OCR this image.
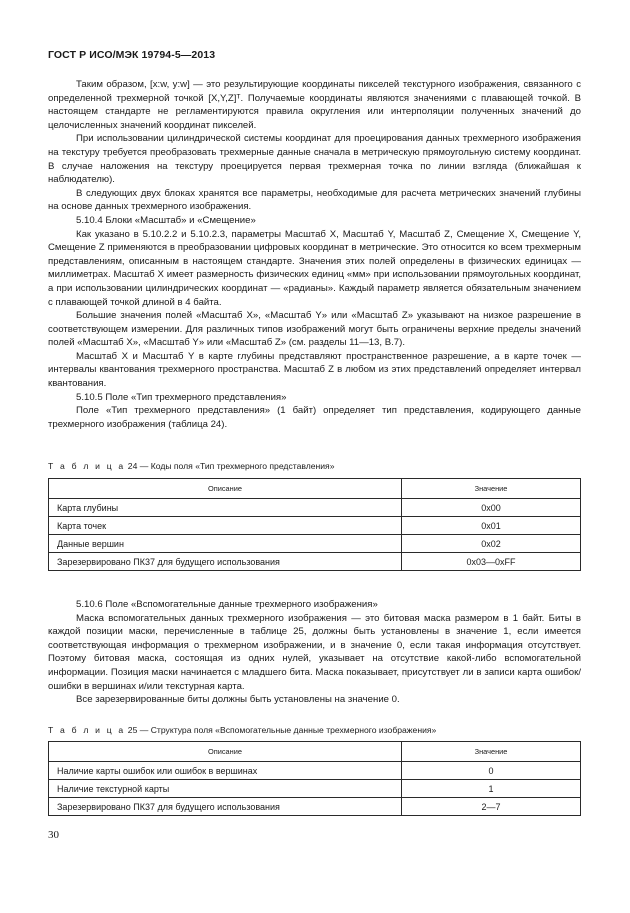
ГОСТ Р ИСО/МЭК 19794-5—2013

Таким образом, [x:w, y:w] — это результирующие координаты пикселей текстурного изображения, связанного с определенной трехмерной точкой [X,Y,Z]ᵀ. Получаемые координаты являются значениями с плавающей точкой. В настоящем стандарте не регламентируются правила округления или интерполяции полученных значений до целочисленных значений координат пикселей.

При использовании цилиндрической системы координат для проецирования данных трехмерного изображения на текстуру требуется преобразовать трехмерные данные сначала в метрическую прямоугольную систему координат. В случае наложения на текстуру проецируется первая трехмерная точка по линии взгляда (ближайшая к наблюдателю).

В следующих двух блоках хранятся все параметры, необходимые для расчета метрических значений глубины на основе данных трехмерного изображения.

5.10.4 Блоки «Масштаб» и «Смещение»

Как указано в 5.10.2.2 и 5.10.2.3, параметры Масштаб X, Масштаб Y, Масштаб Z, Смещение X, Смещение Y, Смещение Z применяются в преобразовании цифровых координат в метрические. Это относится ко всем трехмерным представлениям, описанным в настоящем стандарте. Значения этих полей определены в физических единицах — миллиметрах. Масштаб X имеет размерность физических единиц «мм» при использовании прямоугольных координат, а при использовании цилиндрических координат — «радианы». Каждый параметр является обязательным значением с плавающей точкой длиной в 4 байта.

Большие значения полей «Масштаб X», «Масштаб Y» или «Масштаб Z» указывают на низкое разрешение в соответствующем измерении. Для различных типов изображений могут быть ограничены верхние пределы значений полей «Масштаб X», «Масштаб Y» или «Масштаб Z» (см. разделы 11—13, B.7).

Масштаб X и Масштаб Y в карте глубины представляют пространственное разрешение, а в карте точек — интервалы квантования трехмерного пространства. Масштаб Z в любом из этих представлений определяет интервал квантования.

5.10.5 Поле «Тип трехмерного представления»

Поле «Тип трехмерного представления» (1 байт) определяет тип представления, кодирующего данные трехмерного изображения (таблица 24).

Т а б л и ц а 24 — Коды поля «Тип трехмерного представления»
Описание	Значение
Карта глубины	0x00
Карта точек	0x01
Данные вершин	0x02
Зарезервировано ПК37 для будущего использования	0x03—0xFF

5.10.6 Поле «Вспомогательные данные трехмерного изображения»

Маска вспомогательных данных трехмерного изображения — это битовая маска размером в 1 байт. Биты в каждой позиции маски, перечисленные в таблице 25, должны быть установлены в значение 1, если имеется соответствующая информация о трехмерном изображении, и в значение 0, если такая информация отсутствует. Поэтому битовая маска, состоящая из одних нулей, указывает на отсутствие какой-либо вспомогательной информации. Позиция маски начинается с младшего бита. Маска показывает, присутствует ли в записи карта ошибок/ошибки в вершинах и/или текстурная карта.

Все зарезервированные биты должны быть установлены на значение 0.

Т а б л и ц а 25 — Структура поля «Вспомогательные данные трехмерного изображения»
Описание	Значение
Наличие карты ошибок или ошибок в вершинах	0
Наличие текстурной карты	1
Зарезервировано ПК37 для будущего использования	2—7
30
